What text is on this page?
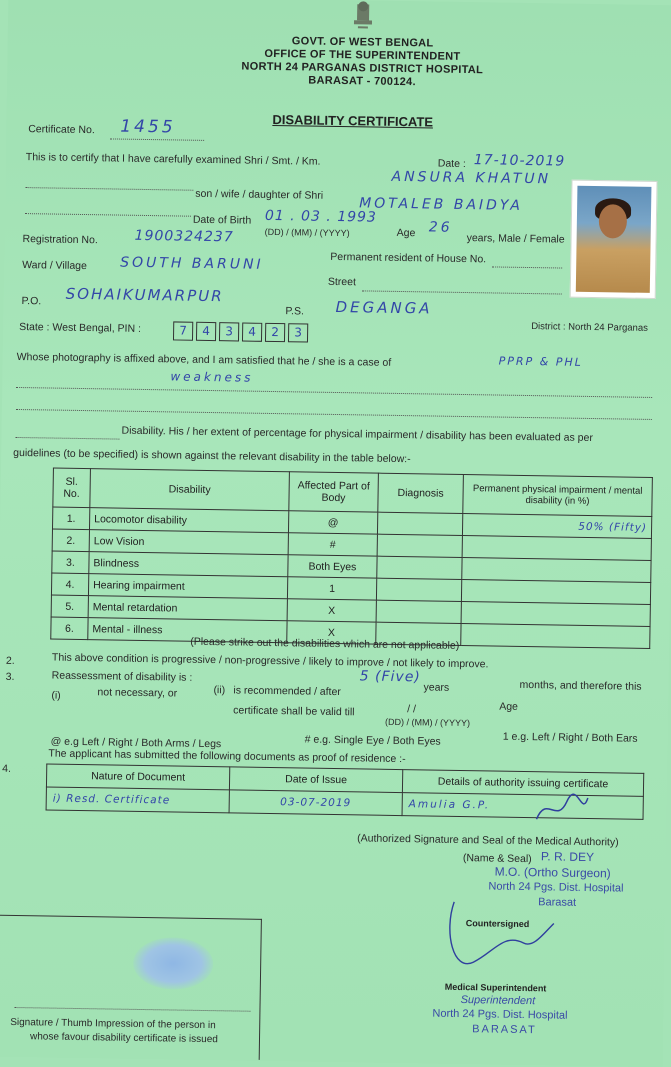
GOVT. OF WEST BENGAL
OFFICE OF THE SUPERINTENDENT
NORTH 24 PARGANAS DISTRICT HOSPITAL
BARASAT - 700124.
DISABILITY CERTIFICATE
Certificate No. 1455
Date : 17-10-2019
This is to certify that I have carefully examined Shri / Smt. / Km.
ANSURA KHATUN
son / wife / daughter of Shri
MOTALEB BAIDYA
Date of Birth 01 . 03 . 1993
(DD) / (MM) / (YYYY)	Age 26
years, Male / Female
Registration No.	1900324237
Permanent resident of House No.
Ward / Village SOUTH BARUNI
Street
P.O. SOHAIKUMARPUR
P.S. DEGANGA
District : North 24 Parganas
State : West Bengal, PIN :	7 4 3 4 2 3
Whose photography is affixed above, and I am satisfied that he / she is a case of	PPRP & PHL
weakness
Disability. His / her extent of percentage for physical impairment / disability has been evaluated as per
guidelines (to be specified) is shown against the relevant disability in the table below:-
Sl. No.	Disability	Affected Part of Body	Diagnosis	Permanent physical impairment / mental disability (in %)
1.	Locomotor disability	@		50% (Fifty)
2.	Low Vision	#		
3.	Blindness	Both Eyes		
4.	Hearing impairment	1		
5.	Mental retardation	X		
6.	Mental - illness	X		
(Please strike out the disabilities which are not applicable)
2.	This above condition is progressive / non-progressive / likely to improve / not likely to improve.
3.	Reassessment of disability is :
(i)	not necessary, or	(ii) is recommended / after
5 (Five)
years	months, and therefore this
certificate shall be valid till	/ /	Age
(DD) / (MM) / (YYYY)
@ e.g Left / Right / Both Arms / Legs	# e.g. Single Eye / Both Eyes	1 e.g. Left / Right / Both Ears
4.
The applicant has submitted the following documents as proof of residence :-
Nature of Document	Date of Issue	Details of authority issuing certificate
i) Resd. Certificate	03-07-2019	Amulia G.P.
(Authorized Signature and Seal of the Medical Authority)
(Name & Seal) P. R. DEY
M.O. (Ortho Surgeon)
North 24 Pgs. Dist. Hospital
Barasat
Countersigned
Medical Superintendent
Superintendent
North 24 Pgs. Dist. Hospital
BARASAT
Signature / Thumb Impression of the person in
whose favour disability certificate is issued
